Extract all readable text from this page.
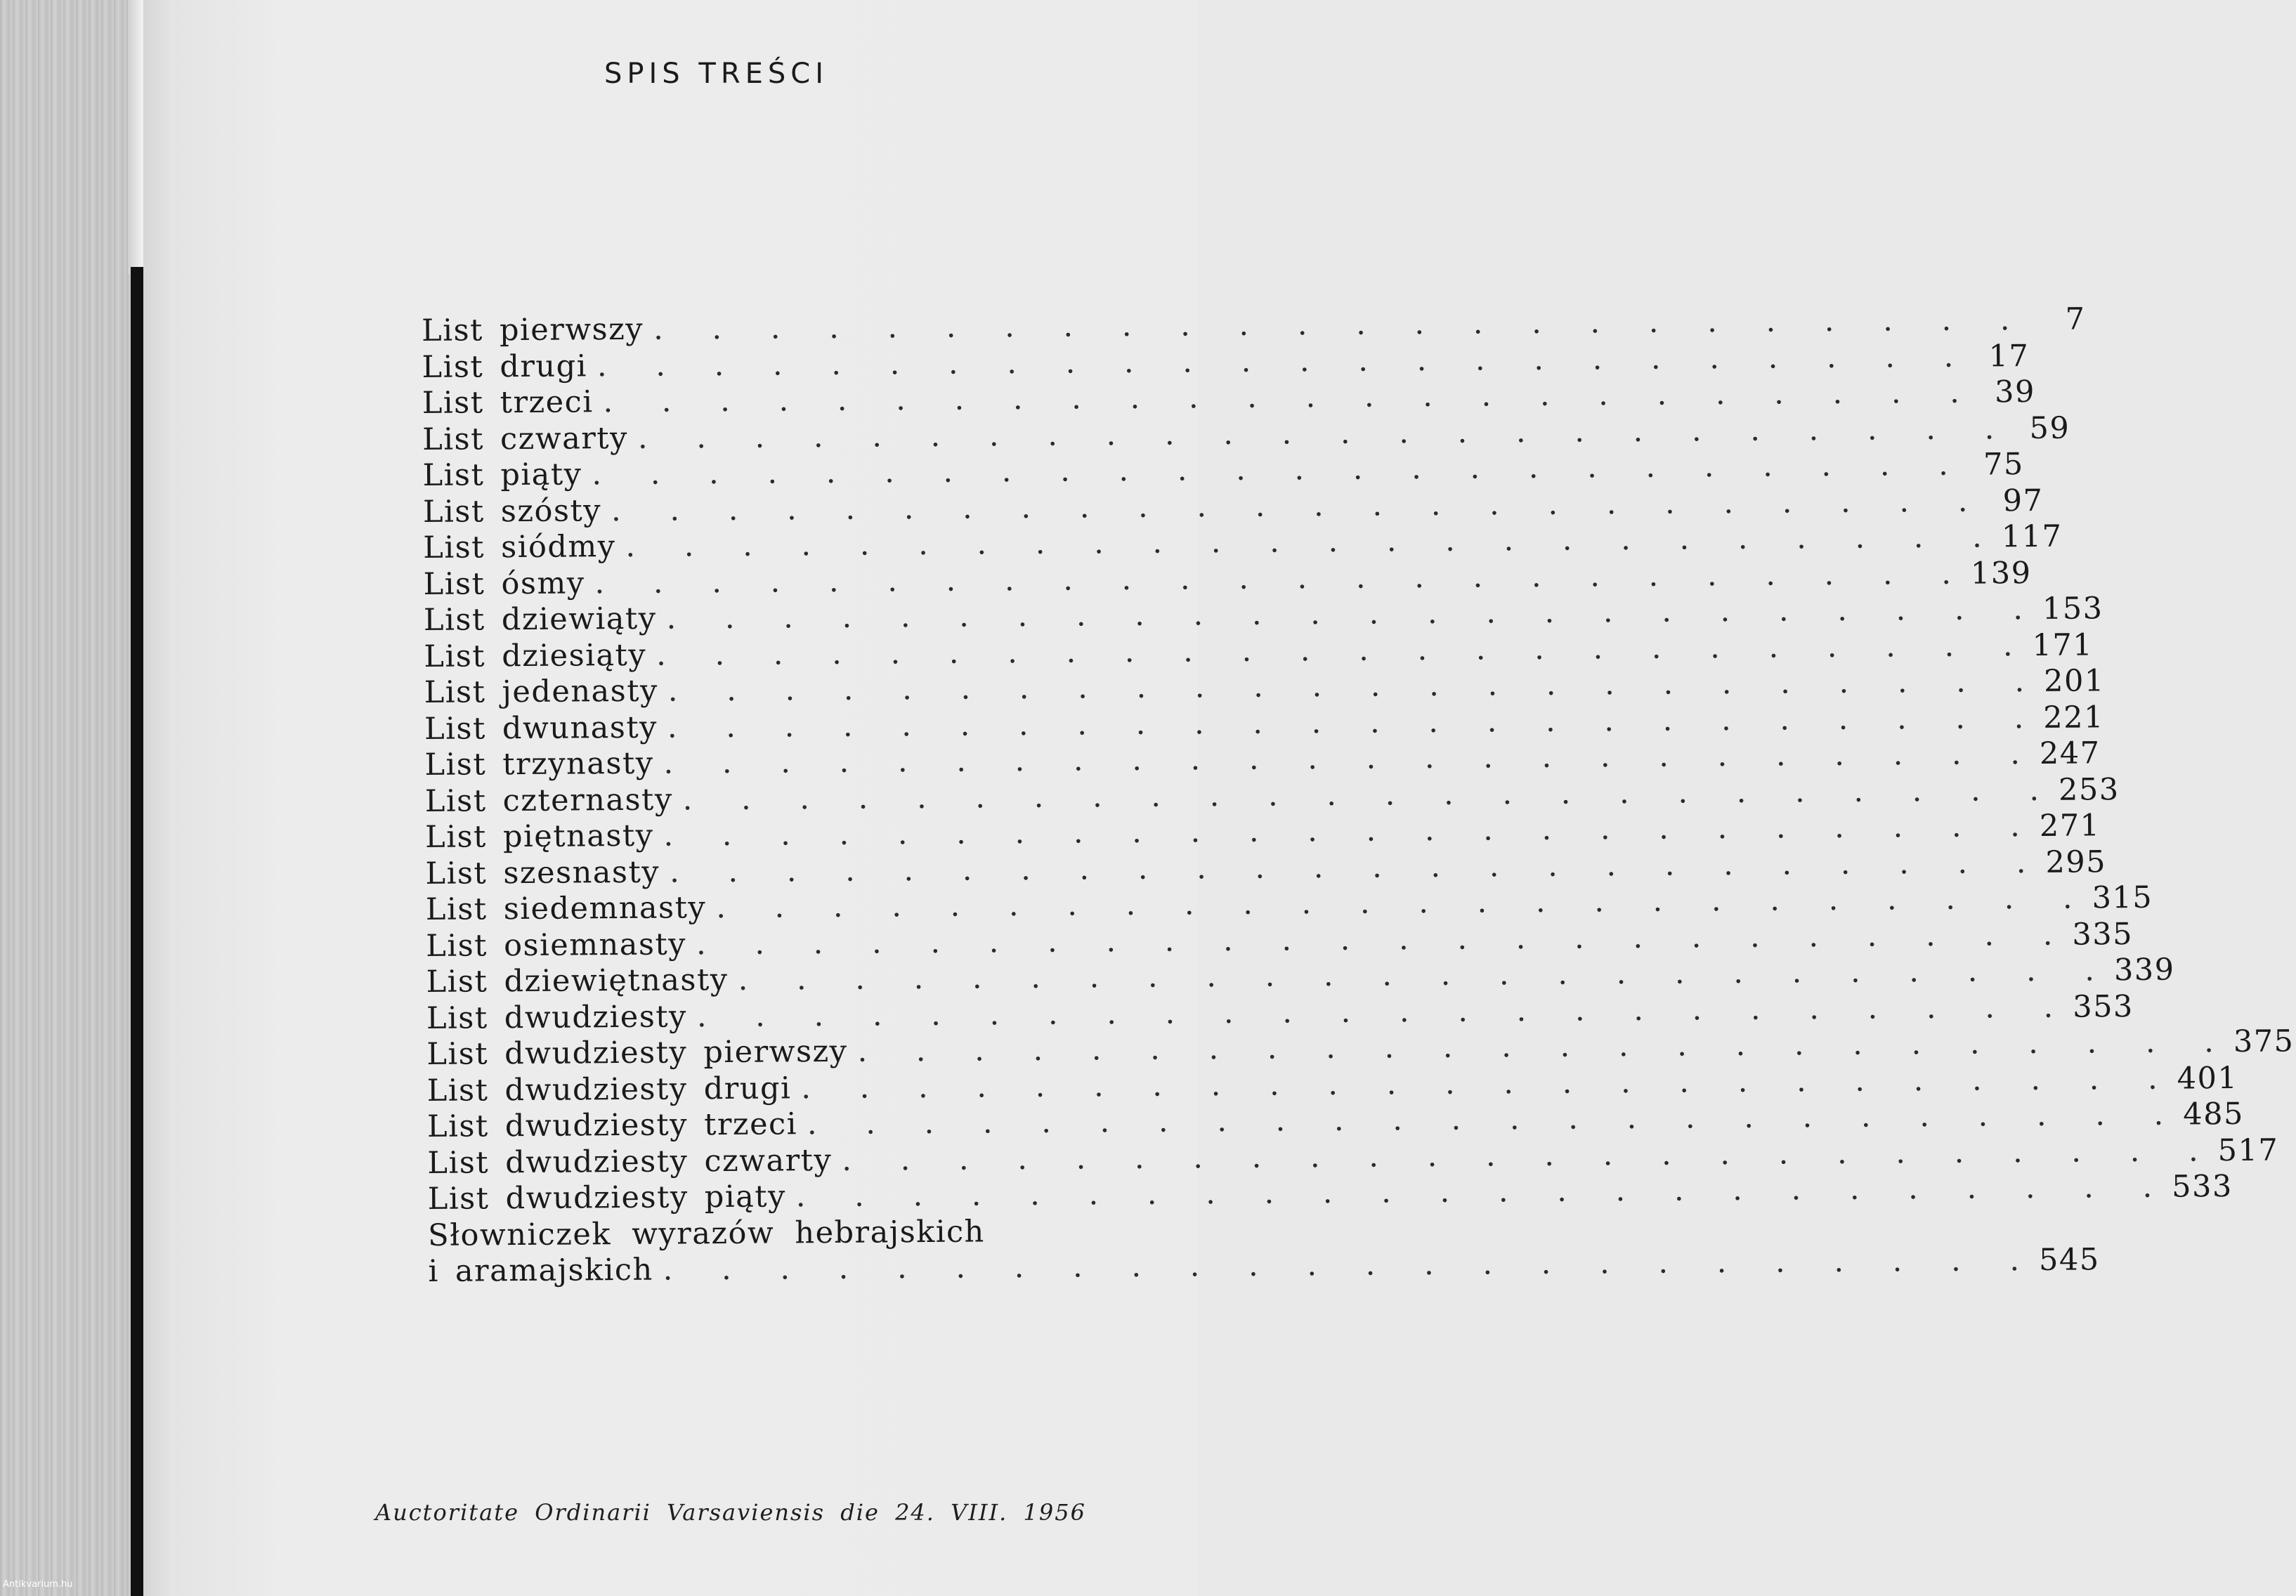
SPIS TREŚCI
List pierwszy . . . . . . . . . . . . . . . . . . . . . . . .	7
List drugi . . . . . . . . . . . . . . . . . . . . . . . . 17
List trzeci . . . . . . . . . . . . . . . . . . . . . . . . 39
List czwarty . . . . . . . . . . . . . . . . . . . . . . . . 59
List piąty . . . . . . . . . . . . . . . . . . . . . . . . 75
List szósty . . . . . . . . . . . . . . . . . . . . . . . . 97
List siódmy . . . . . . . . . . . . . . . . . . . . . . . . 117
List ósmy . . . . . . . . . . . . . . . . . . . . . . . . 139
List dziewiąty . . . . . . . . . . . . . . . . . . . . . . . . 153
List dziesiąty . . . . . . . . . . . . . . . . . . . . . . . . 171
List jedenasty . . . . . . . . . . . . . . . . . . . . . . . . 201
List dwunasty . . . . . . . . . . . . . . . . . . . . . . . . 221
List trzynasty . . . . . . . . . . . . . . . . . . . . . . . . 247
List czternasty . . . . . . . . . . . . . . . . . . . . . . . . 253
List piętnasty . . . . . . . . . . . . . . . . . . . . . . . . 271
List szesnasty . . . . . . . . . . . . . . . . . . . . . . . . 295
List siedemnasty . . . . . . . . . . . . . . . . . . . . . . . . 315
List osiemnasty . . . . . . . . . . . . . . . . . . . . . . . . 335
List dziewiętnasty . . . . . . . . . . . . . . . . . . . . . . . . 339
List dwudziesty . . . . . . . . . . . . . . . . . . . . . . . . 353
List dwudziesty pierwszy . . . . . . . . . . . . . . . . . . . . . . . . 375
List dwudziesty drugi . . . . . . . . . . . . . . . . . . . . . . . . 401
List dwudziesty trzeci . . . . . . . . . . . . . . . . . . . . . . . . 485
List dwudziesty czwarty . . . . . . . . . . . . . . . . . . . . . . . . 517
List dwudziesty piąty . . . . . . . . . . . . . . . . . . . . . . . . 533
Słowniczek wyrazów hebrajskich
i aramajskich . . . . . . . . . . . . . . . . . . . . . . . . 545
Auctoritate Ordinarii Varsaviensis die 24. VIII. 1956
Antikvarium.hu
